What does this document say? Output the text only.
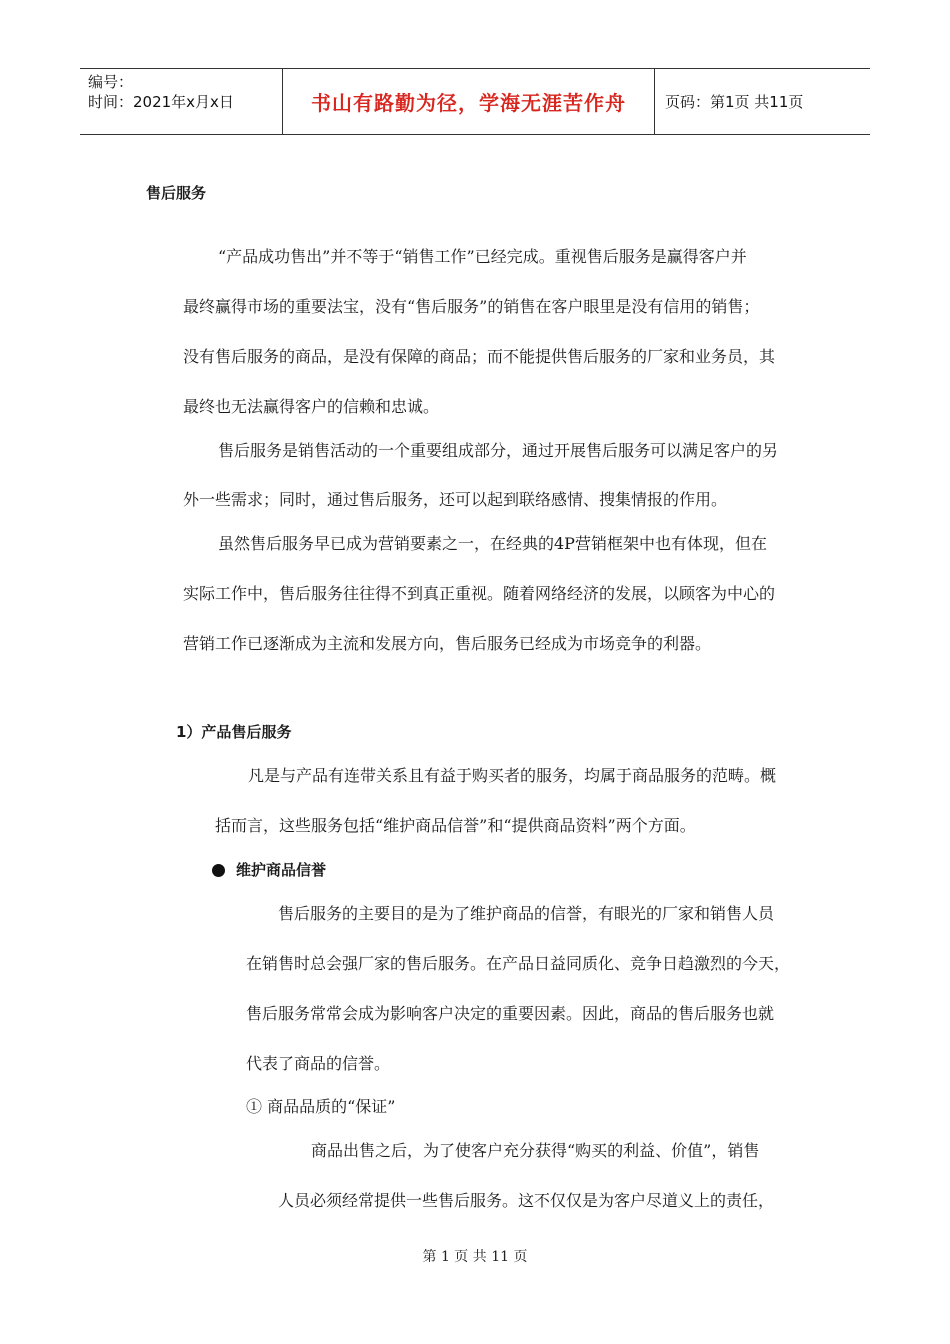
编号：
时间：2021年x月x日	书山有路勤为径，学海无涯苦作舟	页码：第1页 共11页
售后服务
“产品成功售出”并不等于“销售工作”已经完成。重视售后服务是赢得客户并
最终赢得市场的重要法宝，没有“售后服务”的销售在客户眼里是没有信用的销售；
没有售后服务的商品，是没有保障的商品；而不能提供售后服务的厂家和业务员，其
最终也无法赢得客户的信赖和忠诚。
售后服务是销售活动的一个重要组成部分，通过开展售后服务可以满足客户的另
外一些需求；同时，通过售后服务，还可以起到联络感情、搜集情报的作用。
虽然售后服务早已成为营销要素之一，在经典的4P营销框架中也有体现，但在
实际工作中，售后服务往往得不到真正重视。随着网络经济的发展，以顾客为中心的
营销工作已逐渐成为主流和发展方向，售后服务已经成为市场竞争的利器。
1）产品售后服务
凡是与产品有连带关系且有益于购买者的服务，均属于商品服务的范畴。概
括而言，这些服务包括“维护商品信誉”和“提供商品资料”两个方面。
维护商品信誉
售后服务的主要目的是为了维护商品的信誉，有眼光的厂家和销售人员
在销售时总会强厂家的售后服务。在产品日益同质化、竞争日趋激烈的今天，
售后服务常常会成为影响客户决定的重要因素。因此，商品的售后服务也就
代表了商品的信誉。
① 商品品质的“保证”
商品出售之后，为了使客户充分获得“购买的利益、价值”，销售
人员必须经常提供一些售后服务。这不仅仅是为客户尽道义上的责任，
第 1 页 共 11 页
